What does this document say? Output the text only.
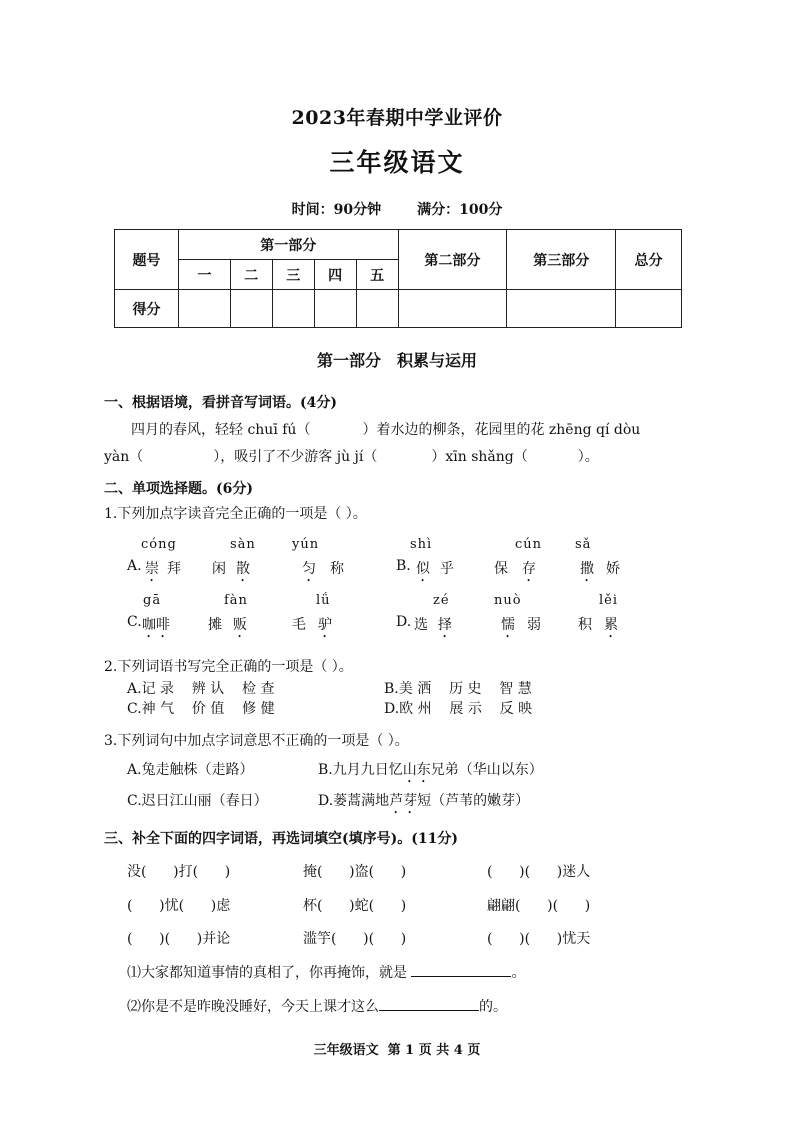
2023年春期中学业评价
三年级语文
时间：90分钟	满分：100分
题号	第一部分					第二部分	第三部分	总分
	一	二	三	四	五			
得分								
第一部分 积累与运用
一、根据语境，看拼音写词语。(4分)
四月的春风，轻轻 chuī fú（	）着水边的柳条，花园里的花 zhēng qí dòu
yàn（	），吸引了不少游客 jù jí（	）xīn shǎng（	）。
二、单项选择题。(6分)
1.下列加点字读音完全正确的一项是（ ）。
cóng	sàn	yún	shì	cún	sǎ
A. 崇 拜 闲 散	匀 称	B. 似 乎	保 存	撒 娇
gā	fàn	lǘ	zé	nuò	lěi
C. 咖啡	摊 贩	毛 驴	D. 选 择	懦 弱	积 累
2.下列词语书写完全正确的一项是（ ）。
A.记 录    辨 认    检 查	B.美 洒    历 史    智 慧
C.神 气    价 值    修 健	D.欧 州    展 示    反 映
3.下列词句中加点字词意思不正确的一项是（ ）。
A.兔走触株（走路）	B.九月九日忆山东兄弟（华山以东）
C.迟日江山丽（春日）	D.蒌蒿满地芦芽短（芦苇的嫩芽）
三、补全下面的四字词语，再选词填空(填序号)。(11分)
没(      )打(      )	掩(      )盗(      )	(      )(      )迷人
(      )忧(      )虑	杯(      )蛇(      )	翩翩(      )(      )
(      )(      )并论	滥竽(      )(      )	(      )(      )忧天
⑴大家都知道事情的真相了，你再掩饰，就是	。
⑵你是不是昨晚没睡好，今天上课才这么	的。
三年级语文  第 1 页 共 4 页
